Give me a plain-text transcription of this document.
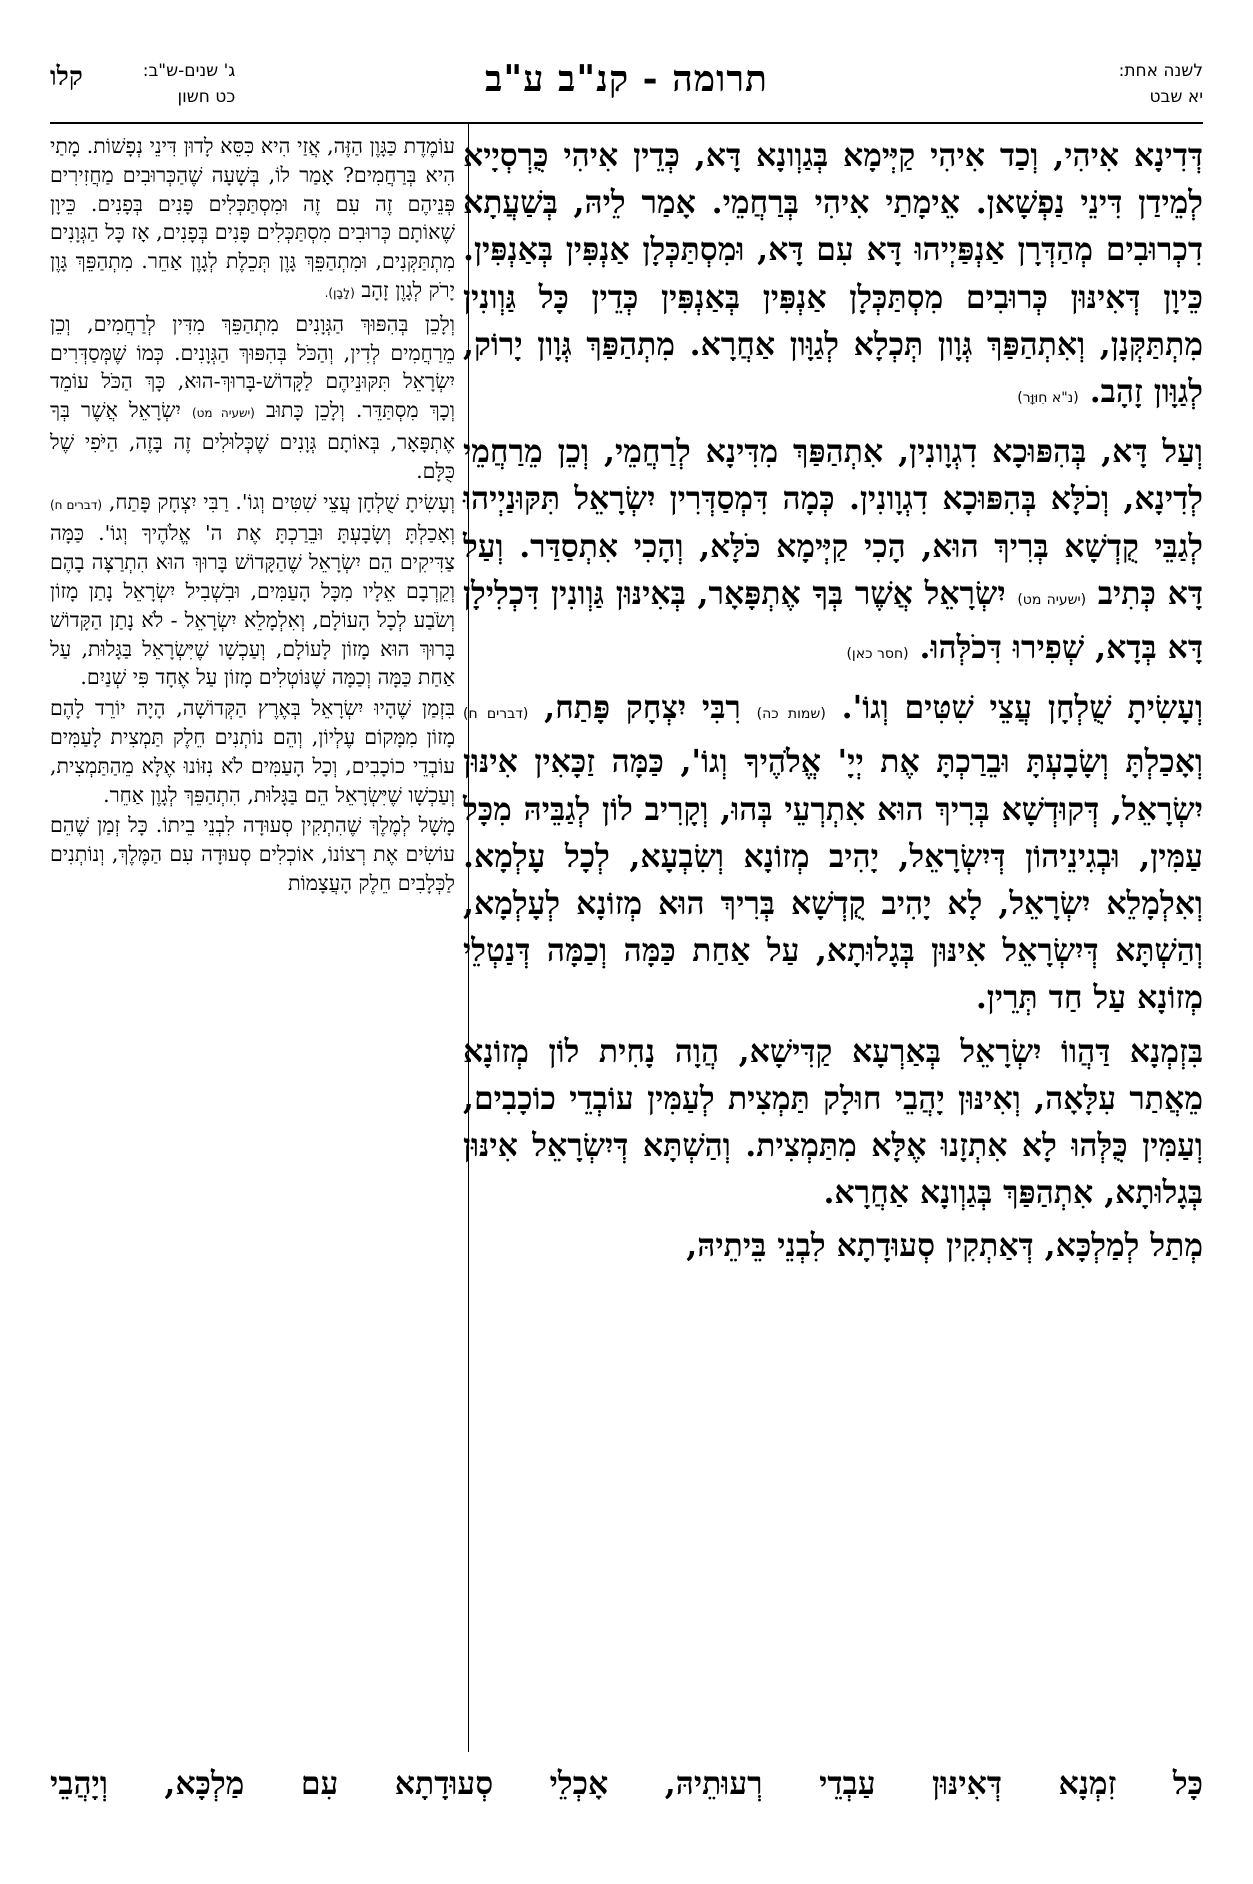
לשנה אחת:
יא שבט
תרומה - קנ"ב ע"ב
קלו	ג' שנים-ש"ב:
כט חשון

דְּדִינָא אִיהִי, וְכַד אִיהִי קַיְּימָא בְּגַוְונָא דָּא, כְּדֵין אִיהִי כֻּרְסְיָיא לְמֵידַן דִּינֵי נַפְשָׁאן. אֵימָתַי אִיהִי בְּרַחֲמֵי. אָמַר לֵיהּ, בְּשַׁעֲתָא דִכְרוּבִים מְהַדְּרָן אַנְפַּיְיהוּ דָּא עִם דָּא, וּמִסְתַּכְּלָן אַנְפִּין בְּאַנְפִּין. כֵּיוָן דְּאִינּוּן כְּרוּבִים מִסְתַּכְּלָן אַנְפִּין בְּאַנְפִּין כְּדֵין כָּל גַּוְונִין מִתְתַּקְּנָן, וְאִתְהַפַּךְ גְּוָון תְּכְלָא לְגַוָּון אַחֲרָא. מִתְהַפַּךְ גְּוָון יָרוֹק, לְגַוָּון זָהָב. (נ"א חִוּוָּר)

וְעַל דָּא, בְּהִפּוּכָא דִגְוָונִין, אִתְהַפַּךְ מִדִּינָא לְרַחֲמֵי, וְכֵן מֵרַחֲמֵי לְדִינָא, וְכֹלָּא בְּהִפּוּכָא דִגְוָונִין. כְּמָה דִּמְסַדְּרִין יִשְׂרָאֵל תִּקּוּנַיְיהוּ לְגַבֵּי קֻדְשָׁא בְּרִיךְ הוּא, הָכִי קַיְּימָא כֹּלָּא, וְהָכִי אִתְסַדַּר. וְעַל דָּא כְּתִיב (ישעיה מט) יִשְׂרָאֵל אֲשֶׁר בְּךָ אֶתְפָּאָר, בְּאִינּוּן גַּוְונִין דִּכְלִילָן דָּא בְּדָא, שְׁפִירוּ דִּכֹלְּהוּ. (חסר כאן)

וְעָשִׂיתָ שֻׁלְחָן עֲצֵי שִׁטִּים וְגוֹ'. (שמות כה) רִבִּי יִצְחָק פָּתַח, (דברים ח) וְאָכַלְתָּ וְשָׂבָעְתָּ וּבֵרַכְתָּ אֶת יְיָ' אֱלֹהֶיךָ וְגוֹ', כַּמָּה זַכָּאִין אִינּוּן יִשְׂרָאֵל, דְּקוּדְשָׁא בְּרִיךְ הוּא אִתְרְעֵי בְּהוּ, וְקָרִיב לוֹן לְגַבֵּיהּ מִכָּל עַמִּין, וּבְגִינֵיהוֹן דְּיִשְׂרָאֵל, יָהִיב מְזוֹנָא וְשִׂבְעָא, לְכָל עָלְמָא. וְאִלְמָלֵא יִשְׂרָאֵל, לָא יָהִיב קֻדְשָׁא בְּרִיךְ הוּא מְזוֹנָא לְעָלְמָא, וְהַשְׁתָּא דְּיִשְׂרָאֵל אִינּוּן בְּגָלוּתָא, עַל אַחַת כַּמָּה וְכַמָּה דְּנַטְלֵי מְזוֹנָא עַל חַד תְּרֵין.

בִּזְמְנָא דַּהֲווֹ יִשְׂרָאֵל בְּאַרְעָא קַדִּישָׁא, הֲוָה נָחִית לוֹן מְזוֹנָא מֵאֲתַר עִלָּאָה, וְאִינּוּן יָהֲבֵי חוּלָק תַּמְצִית לְעַמִּין עוֹבְדֵי כוֹכָבִים, וְעַמִּין כֻּלְּהוּ לָא אִתְזָנוּ אֶלָּא מִתַּמְצִית. וְהַשְׁתָּא דְּיִשְׂרָאֵל אִינּוּן בְּגָלוּתָא, אִתְהַפַּךְ בְּגַוְונָא אַחֲרָא.

מְתַל לְמַלְכָּא, דְּאַתְקִין סְעוּדָתָא לִבְנֵי בֵּיתֵיהּ,

עוֹמֶדֶת כַּגָּוֶן הַזֶּה, אֲזַי הִיא כִּסֵּא לָדוּן דִּינֵי נְפָשׁוֹת. מָתַי הִיא בְּרַחֲמִים? אָמַר לוֹ, בְּשָׁעָה שֶׁהַכְּרוּבִים מַחֲזִירִים פְּנֵיהֶם זֶה עִם זֶה וּמִסְתַּכְּלִים פָּנִים בְּפָנִים. כֵּיוָן שֶׁאוֹתָם כְּרוּבִים מִסְתַּכְּלִים פָּנִים בְּפָנִים, אָז כָּל הַגְּוָנִים מִתְתַּקְּנִים, וּמִתְהַפֵּךְ גָּוֶן תְּכֵלֶת לְגָוֶן אַחֵר. מִתְהַפֵּךְ גָּוֶן יָרֹק לְגָוֶן זָהָב (לָבָן).

וְלָכֵן בְּהִפּוּךְ הַגְּוָנִים מִתְהַפֵּךְ מִדִּין לְרַחֲמִים, וְכֵן מֵרַחֲמִים לְדִין, וְהַכֹּל בְּהִפּוּךְ הַגְּוָנִים. כְּמוֹ שֶׁמְּסַדְּרִים יִשְׂרָאֵל תִּקּוּנֵיהֶם לַקָּדוֹשׁ-בָּרוּךְ-הוּא, כָּךְ הַכֹּל עוֹמֵד וְכָךְ מִסְתַּדֵּר. וְלָכֵן כָּתוּב (ישעיה מט) יִשְׂרָאֵל אֲשֶׁר בְּךָ אֶתְפָּאָר, בְּאוֹתָם גְּוָנִים שֶׁכְּלוּלִים זֶה בָּזֶה, הַיֹּפִי שֶׁל כֻּלָּם.

וְעָשִׂיתָ שֻׁלְחָן עֲצֵי שִׁטִּים וְגוֹ'. רַבִּי יִצְחָק פָּתַח, (דברים ח) וְאָכַלְתָּ וְשָׂבָעְתָּ וּבֵרַכְתָּ אֶת ה' אֱלֹהֶיךָ וְגוֹ'. כַּמָּה צַדִּיקִים הֵם יִשְׂרָאֵל שֶׁהַקָּדוֹשׁ בָּרוּךְ הוּא הִתְרַצָּה בָהֶם וְקֵרְבָם אֵלָיו מִכָּל הָעַמִּים, וּבִשְׁבִיל יִשְׂרָאֵל נָתַן מָזוֹן וְשֹׂבַע לְכָל הָעוֹלָם, וְאִלְמָלֵא יִשְׂרָאֵל - לֹא נָתַן הַקָּדוֹשׁ בָּרוּךְ הוּא מָזוֹן לָעוֹלָם, וְעַכְשָׁו שֶׁיִּשְׂרָאֵל בַּגָּלוּת, עַל אַחַת כַּמָּה וְכַמָּה שֶׁנּוֹטְלִים מָזוֹן עַל אֶחָד פִּי שְׁנַיִם.

בִּזְמַן שֶׁהָיוּ יִשְׂרָאֵל בְּאֶרֶץ הַקְּדוֹשָׁה, הָיָה יוֹרֵד לָהֶם מָזוֹן מִמָּקוֹם עֶלְיוֹן, וְהֵם נוֹתְנִים חֵלֶק תַּמְצִית לָעַמִּים עוֹבְדֵי כוֹכָבִים, וְכָל הָעַמִּים לֹא נִזּוֹנוּ אֶלָּא מֵהַתַּמְצִית, וְעַכְשָׁו שֶׁיִּשְׂרָאֵל הֵם בַּגָּלוּת, הִתְהַפֵּךְ לְגָוֶן אַחֵר.

מָשָׁל לְמֶלֶךְ שֶׁהִתְקִין סְעוּדָה לִבְנֵי בֵיתוֹ. כָּל זְמַן שֶׁהֵם עוֹשִׂים אֶת רְצוֹנוֹ, אוֹכְלִים סְעוּדָה עִם הַמֶּלֶךְ, וְנוֹתְנִים לַכְּלָבִים חֵלֶק הָעֲצָמוֹת

כָּל זִמְנָא דְּאִינּוּן עַבְדֵי רְעוּתֵיהּ, אָכְלֵי סְעוּדָתָא עִם מַלְכָּא, וְיָהֲבֵי
